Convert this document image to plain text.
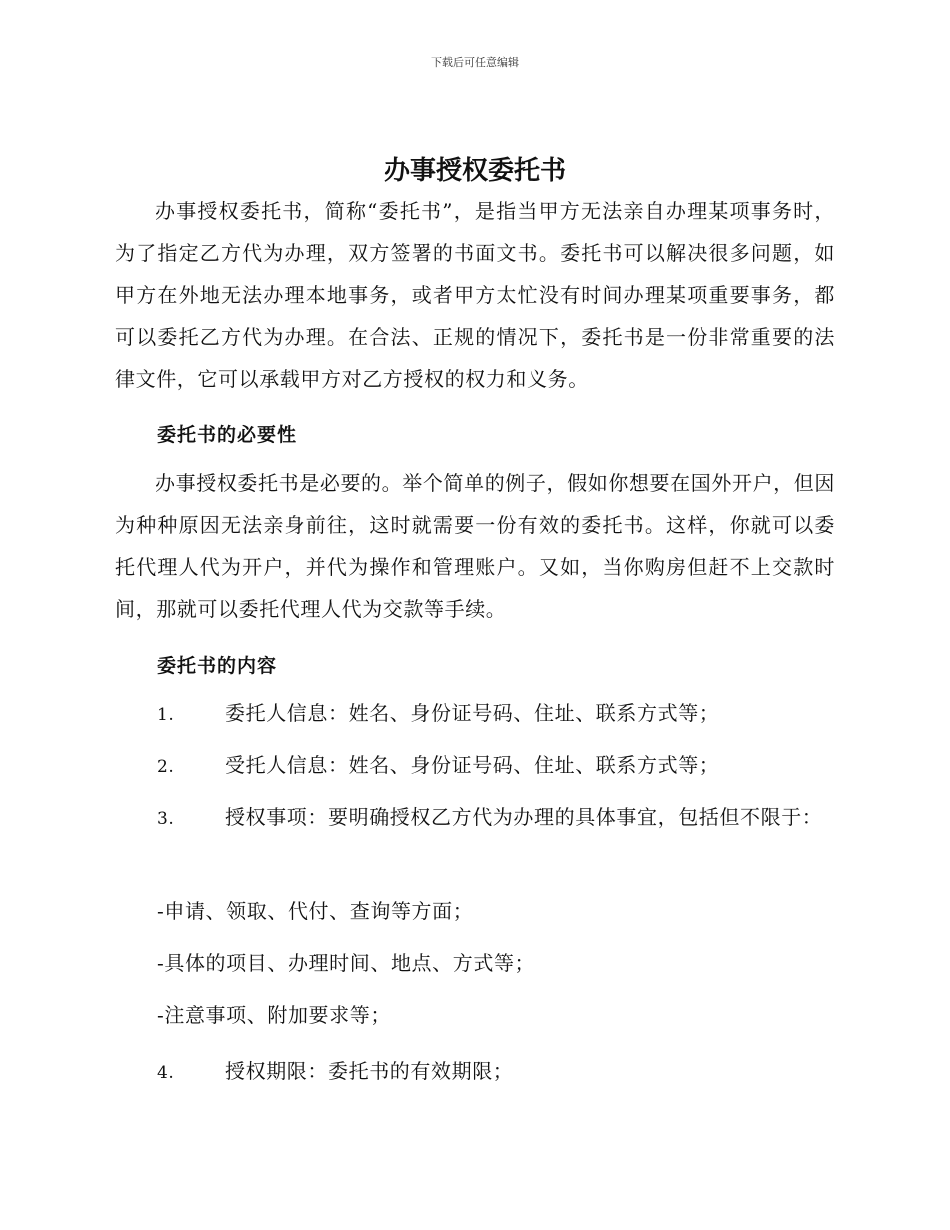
下载后可任意编辑
办事授权委托书
办事授权委托书，简称“委托书”，是指当甲方无法亲自办理某项事务时，为了指定乙方代为办理，双方签署的书面文书。委托书可以解决很多问题，如甲方在外地无法办理本地事务，或者甲方太忙没有时间办理某项重要事务，都可以委托乙方代为办理。在合法、正规的情况下，委托书是一份非常重要的法律文件，它可以承载甲方对乙方授权的权力和义务。
委托书的必要性
办事授权委托书是必要的。举个简单的例子，假如你想要在国外开户，但因为种种原因无法亲身前往，这时就需要一份有效的委托书。这样，你就可以委托代理人代为开户，并代为操作和管理账户。又如，当你购房但赶不上交款时间，那就可以委托代理人代为交款等手续。
委托书的内容
1.	委托人信息：姓名、身份证号码、住址、联系方式等；
2.	受托人信息：姓名、身份证号码、住址、联系方式等；
3.	授权事项：要明确授权乙方代为办理的具体事宜，包括但不限于：
-申请、领取、代付、查询等方面；
-具体的项目、办理时间、地点、方式等；
-注意事项、附加要求等；
4.	授权期限：委托书的有效期限；
